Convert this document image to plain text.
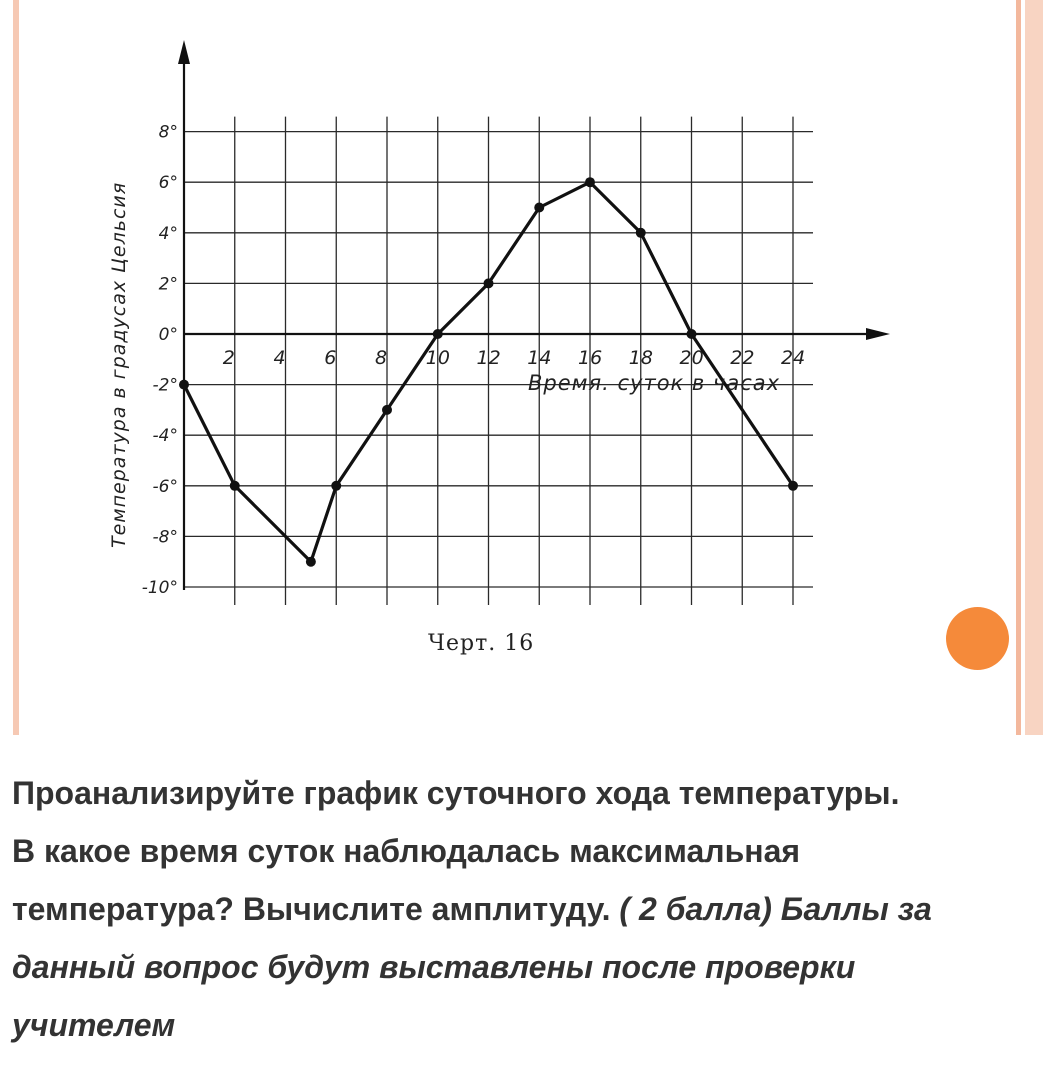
2 4 6 8 10 12 14 16 18 20 22 24
8°
6°
4°
2°
0°
-2°
-4°
-6°
-8°
-10°
Время. суток в часах
Температура в градусах Цельсия
Черт. 16
Проанализируйте график суточного хода температуры.
В какое время суток наблюдалась максимальная
температура? Вычислите амплитуду. ( 2 балла) Баллы за
данный вопрос будут выставлены после проверки
учителем
